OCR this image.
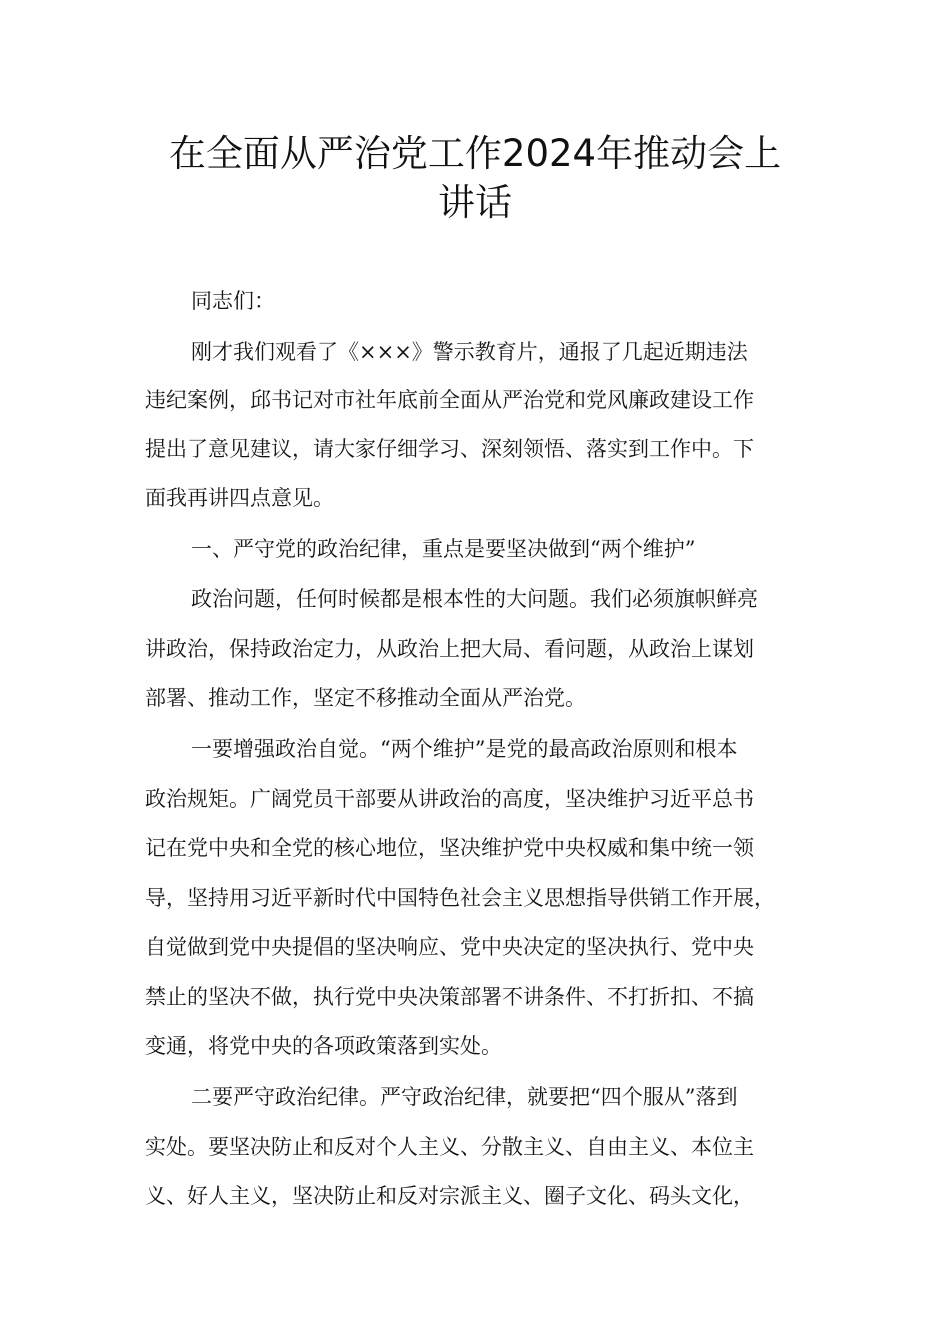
在全面从严治党工作2024年推动会上
讲话
同志们：
刚才我们观看了《×××》警示教育片，通报了几起近期违法
违纪案例，邱书记对市社年底前全面从严治党和党风廉政建设工作
提出了意见建议，请大家仔细学习、深刻领悟、落实到工作中。下
面我再讲四点意见。
一、严守党的政治纪律，重点是要坚决做到“两个维护”
政治问题，任何时候都是根本性的大问题。我们必须旗帜鲜亮
讲政治，保持政治定力，从政治上把大局、看问题，从政治上谋划
部署、推动工作，坚定不移推动全面从严治党。
一要增强政治自觉。“两个维护”是党的最高政治原则和根本
政治规矩。广阔党员干部要从讲政治的高度，坚决维护习近平总书
记在党中央和全党的核心地位，坚决维护党中央权威和集中统一领
导，坚持用习近平新时代中国特色社会主义思想指导供销工作开展，
自觉做到党中央提倡的坚决响应、党中央决定的坚决执行、党中央
禁止的坚决不做，执行党中央决策部署不讲条件、不打折扣、不搞
变通，将党中央的各项政策落到实处。
二要严守政治纪律。严守政治纪律，就要把“四个服从”落到
实处。要坚决防止和反对个人主义、分散主义、自由主义、本位主
义、好人主义，坚决防止和反对宗派主义、圈子文化、码头文化，
